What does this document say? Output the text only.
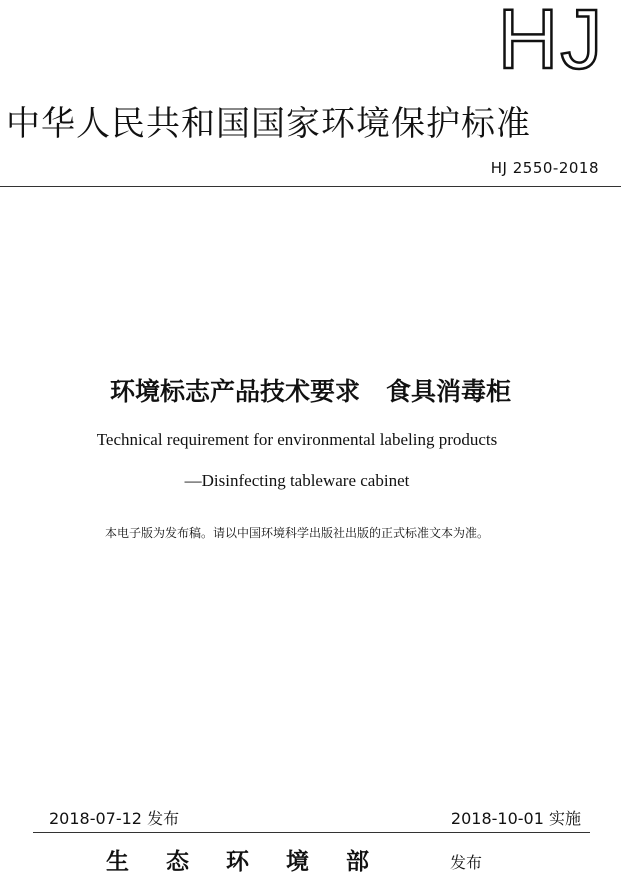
HJ
中华人民共和国国家环境保护标准
HJ 2550-2018
环境标志产品技术要求   食具消毒柜
Technical requirement for environmental labeling products
—Disinfecting tableware cabinet
本电子版为发布稿。请以中国环境科学出版社出版的正式标准文本为准。
2018-07-12 发布	2018-10-01 实施
生态环境部	发布
